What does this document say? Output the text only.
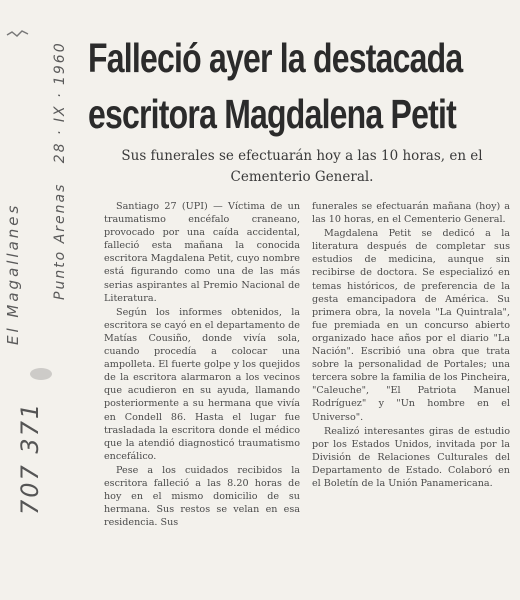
El Magallanes Punto Arenas   28 · IX · 1960
707 371
Falleció ayer la destacada
escritora Magdalena Petit
Sus funerales se efectuarán hoy a las 10 horas, en el Cementerio General.

Santiago 27 (UPI) — Víctima de un traumatismo encéfalo craneano, provocado por una caída accidental, falleció esta mañana la conocida escritora Magdalena Petit, cuyo nombre está figurando como una de las más serias aspirantes al Premio Nacional de Literatura.

Según los informes obtenidos, la escritora se cayó en el departamento de Matías Cousiño, donde vivía sola, cuando procedía a colocar una ampolleta. El fuerte golpe y los quejidos de la escritora alarmaron a los vecinos que acudieron en su ayuda, llamando posteriormente a su hermana que vivía en Condell 86. Hasta el lugar fue trasladada la escritora donde el médico que la atendió diagnosticó traumatismo encefálico.

Pese a los cuidados recibidos la escritora falleció a las 8.20 horas de hoy en el mismo domicilio de su hermana. Sus restos se velan en esa residencia. Sus

funerales se efectuarán mañana (hoy) a las 10 horas, en el Cementerio General.

Magdalena Petit se dedicó a la literatura después de completar sus estudios de medicina, aunque sin recibirse de doctora. Se especializó en temas históricos, de preferencia de la gesta emancipadora de América. Su primera obra, la novela "La Quintrala", fue premiada en un concurso abierto organizado hace años por el diario "La Nación". Escribió una obra que trata sobre la personalidad de Portales; una tercera sobre la familia de los Pincheira, "Caleuche", "El Patriota Manuel Rodríguez" y "Un hombre en el Universo".

Realizó interesantes giras de estudio por los Estados Unidos, invitada por la División de Relaciones Culturales del Departamento de Estado. Colaboró en el Boletín de la Unión Panamericana.
